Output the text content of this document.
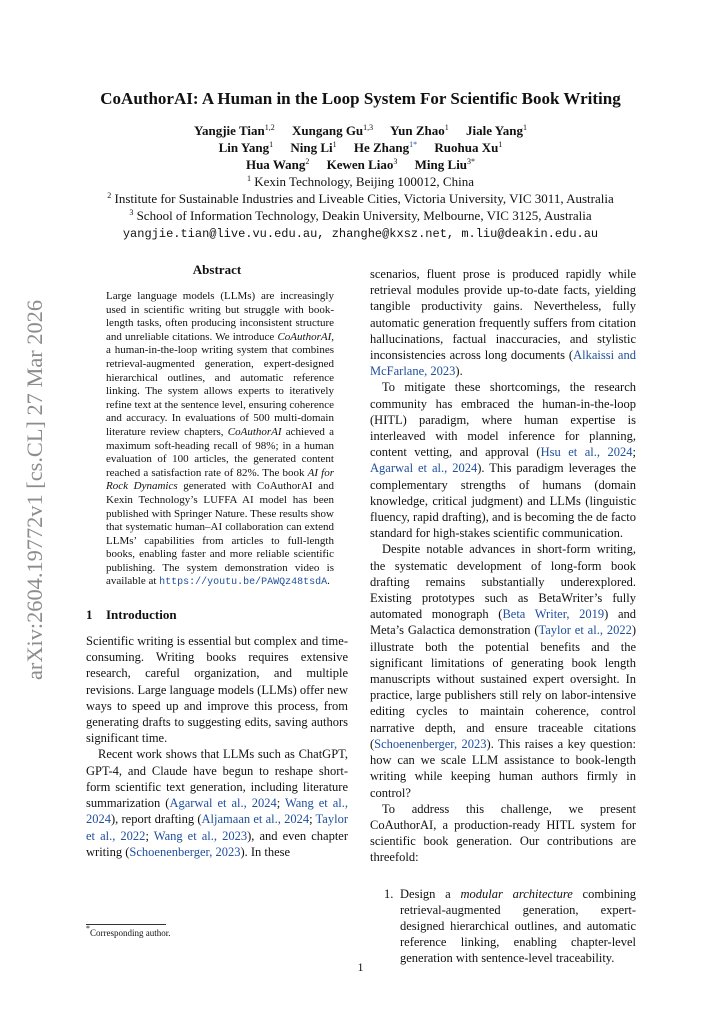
arXiv:2604.19772v1 [cs.CL] 27 Mar 2026
CoAuthorAI: A Human in the Loop System For Scientific Book Writing
Yangjie Tian$^{1,2}$ Xungang Gu$^{1,3}$ Yun Zhao$^1$ Jiale Yang$^1$
Lin Yang$^1$ Ning Li$^1$ He Zhang$^{1*}$ Ruohua Xu$^1$
Hua Wang$^2$ Kewen Liao$^3$ Ming Liu$^{3*}$
$^1$ Kexin Technology, Beijing 100012, China
$^2$ Institute for Sustainable Industries and Liveable Cities, Victoria University, VIC 3011, Australia
$^3$ School of Information Technology, Deakin University, Melbourne, VIC 3125, Australia
yangjie.tian@live.vu.edu.au, zhanghe@kxsz.net, m.liu@deakin.edu.au
Abstract
Large language models (LLMs) are increasingly used in scientific writing but struggle with book-length tasks, often producing inconsistent structure and unreliable citations. We introduce CoAuthorAI, a human-in-the-loop writing system that combines retrieval-augmented generation, expert-designed hierarchical outlines, and automatic reference linking. The system allows experts to iteratively refine text at the sentence level, ensuring coherence and accuracy. In evaluations of 500 multi-domain literature review chapters, CoAuthorAI achieved a maximum soft-heading recall of 98%; in a human evaluation of 100 articles, the generated content reached a satisfaction rate of 82%. The book AI for Rock Dynamics generated with CoAuthorAI and Kexin Technology’s LUFFA AI model has been published with Springer Nature. These results show that systematic human–AI collaboration can extend LLMs’ capabilities from articles to full-length books, enabling faster and more reliable scientific publishing. The system demonstration video is available at https://youtu.be/PAWQz48tsdA.
1 Introduction

Scientific writing is essential but complex and time-consuming. Writing books requires extensive research, careful organization, and multiple revisions. Large language models (LLMs) offer new ways to speed up and improve this process, from generating drafts to suggesting edits, saving authors significant time.

Recent work shows that LLMs such as ChatGPT, GPT-4, and Claude have begun to reshape short-form scientific text generation, including literature summarization (Agarwal et al., 2024; Wang et al., 2024), report drafting (Aljamaan et al., 2024; Taylor et al., 2022; Wang et al., 2023), and even chapter writing (Schoenenberger, 2023). In these

scenarios, fluent prose is produced rapidly while retrieval modules provide up-to-date facts, yielding tangible productivity gains. Nevertheless, fully automatic generation frequently suffers from citation hallucinations, factual inaccuracies, and stylistic inconsistencies across long documents (Alkaissi and McFarlane, 2023).

To mitigate these shortcomings, the research community has embraced the human-in-the-loop (HITL) paradigm, where human expertise is interleaved with model inference for planning, content vetting, and approval (Hsu et al., 2024; Agarwal et al., 2024). This paradigm leverages the complementary strengths of humans (domain knowledge, critical judgment) and LLMs (linguistic fluency, rapid drafting), and is becoming the de facto standard for high-stakes scientific communication.

Despite notable advances in short-form writing, the systematic development of long-form book drafting remains substantially underexplored. Existing prototypes such as BetaWriter’s fully automated monograph (Beta Writer, 2019) and Meta’s Galactica demonstration (Taylor et al., 2022) illustrate both the potential benefits and the significant limitations of generating book length manuscripts without sustained expert oversight. In practice, large publishers still rely on labor-intensive editing cycles to maintain coherence, control narrative depth, and ensure traceable citations (Schoenenberger, 2023). This raises a key question: how can we scale LLM assistance to book-length writing while keeping human authors firmly in control?

To address this challenge, we present CoAuthorAI, a production-ready HITL system for scientific book generation. Our contributions are threefold:

1. Design a modular architecture combining retrieval-augmented generation, expert-designed hierarchical outlines, and automatic reference linking, enabling chapter-level generation with sentence-level traceability.
*Corresponding author.
1
